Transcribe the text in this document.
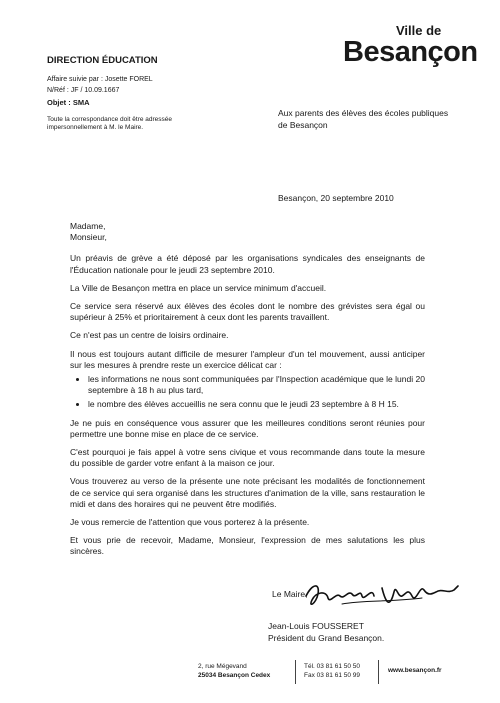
Ville de
Besançon
DIRECTION ÉDUCATION
Affaire suivie par : Josette FOREL
N/Réf : JF / 10.09.1667
Objet : SMA
Toute la correspondance doit être adressée
impersonnellement à M. le Maire.
Aux parents des élèves des écoles publiques
de Besançon
Besançon, 20 septembre 2010

Madame,

Monsieur,

Un préavis de grève a été déposé par les organisations syndicales des enseignants de l'Éducation nationale pour le jeudi 23 septembre 2010.

La Ville de Besançon mettra en place un service minimum d'accueil.

Ce service sera réservé aux élèves des écoles dont le nombre des grévistes sera égal ou supérieur à 25% et prioritairement à ceux dont les parents travaillent.

Ce n'est pas un centre de loisirs ordinaire.

Il nous est toujours autant difficile de mesurer l'ampleur d'un tel mouvement, aussi anticiper sur les mesures à prendre reste un exercice délicat car :

• les informations ne nous sont communiquées par l'Inspection académique que le lundi 20 septembre à 18 h au plus tard,
• le nombre des élèves accueillis ne sera connu que le jeudi 23 septembre à 8 H 15.

Je ne puis en conséquence vous assurer que les meilleures conditions seront réunies pour permettre une bonne mise en place de ce service.

C'est pourquoi je fais appel à votre sens civique et vous recommande dans toute la mesure du possible de garder votre enfant à la maison ce jour.

Vous trouverez au verso de la présente une note précisant les modalités de fonctionnement de ce service qui sera organisé dans les structures d'animation de la ville, sans restauration le midi et dans des horaires qui ne peuvent être modifiés.

Je vous remercie de l'attention que vous porterez à la présente.

Et vous prie de recevoir, Madame, Monsieur, l'expression de mes salutations les plus sincères.

Le Maire,
Jean-Louis FOUSSERET
Président du Grand Besançon.
2, rue Mégevand
25034 Besançon Cedex
Tél. 03 81 61 50 50
Fax 03 81 61 50 99
www.besançon.fr
